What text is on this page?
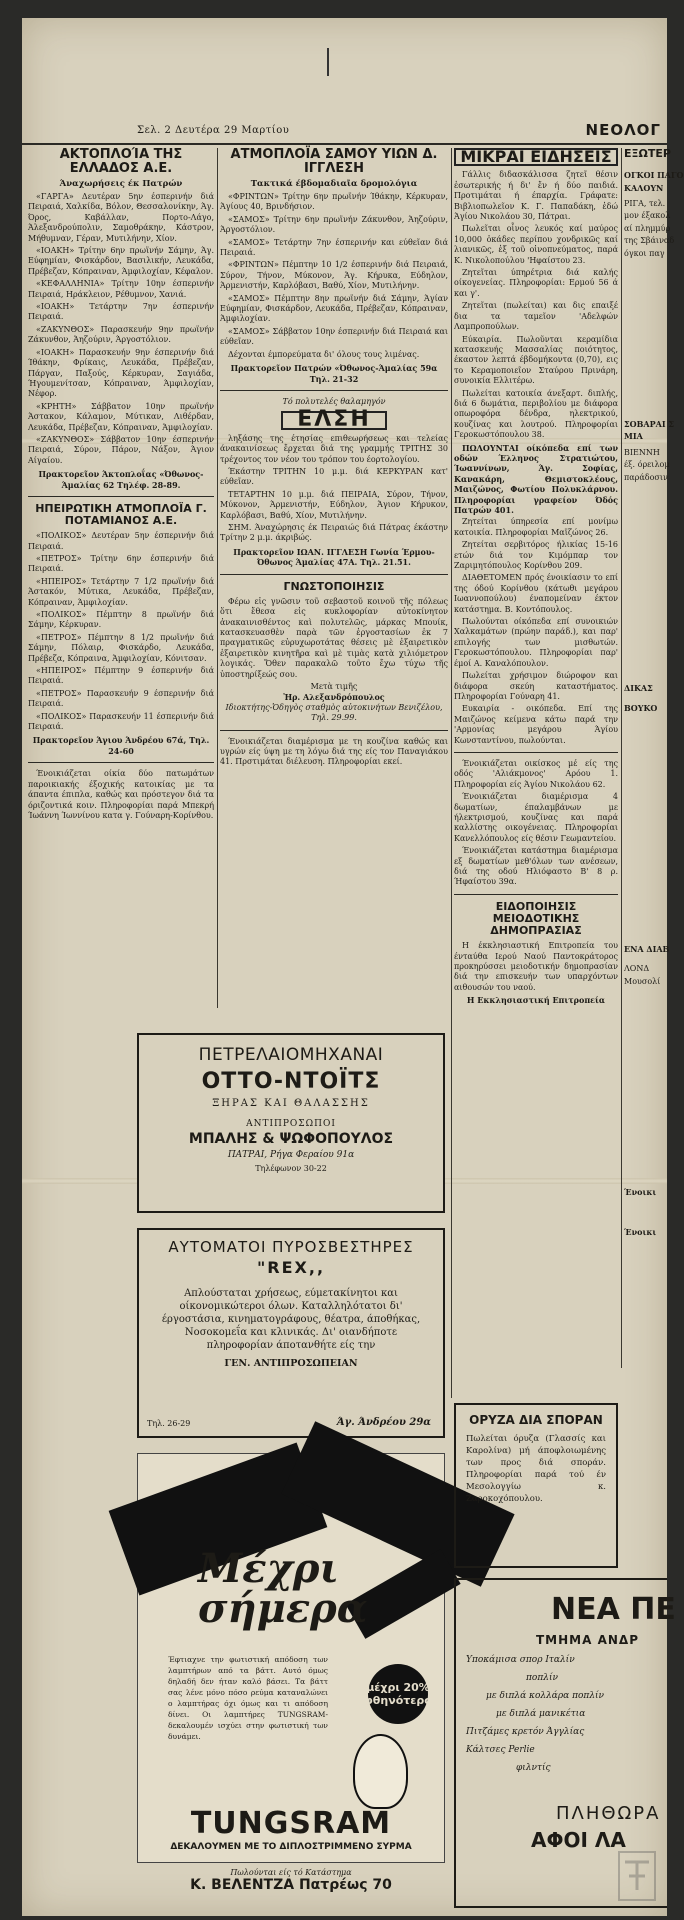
Σελ. 2 Δευτέρα 29 Μαρτίου	ΝΕΟΛΟΓ
ΑΚΤΟΠΛΟΊΑ ΤΗΣ ΕΛΛΑΔΟΣ Α.Ε.
Άναχωρήσεις έκ Πατρών
«ΓΑΡΓΑ» Δευτέραν 5ην έσπερινήν διά Πειραιά, Χαλκίδα, Βόλον, Θεσσαλονίκην, Άγ. Όρος, Καβάλλαν, Πορτο-Λάγο, Άλεξανδρούπολιν, Σαμοθράκην, Κάστρον, Μήθυμναν, Γέραν, Μυτιλήνην, Χίον.
«ΙΟΑΚΗ» Τρίτην 6ην πρωϊνήν Σάμην, Άγ. Εύφημίαν, Φισκάρδον, Βασιλικήν, Λευκάδα, Πρέβεζαν, Κόπραιναν, Άμφιλοχίαν, Κέφαλον.
«ΚΕΦΑΛΛΗΝΙΑ» Τρίτην 10ην έσπερινήν Πειραιά, Ηράκλειον, Ρέθυμνον, Χανιά.
«ΙΟΑΚΗ» Τετάρτην 7ην έσπερινήν Πειραιά.
«ΖΑΚΥΝΘΟΣ» Παρασκευήν 9ην πρωϊνήν Ζάκυνθον, Άηζούριν, Άργοστόλιον.
«ΙΟΑΚΗ» Παρασκευήν 9ην έσπερινήν διά Ίθάκην, Φρίκαις, Λευκάδα, Πρέβεζαν, Πάργαν, Παξούς, Κέρκυραν, Σαγιάδα, Ήγουμενίτσαν, Κόπραιναν, Άμφιλοχίαν, Νέφορ.
«ΚΡΗΤΗ» Σάββατον 10ην πρωϊνήν Άστακον, Κάλαμον, Μύτικαν, Λιθέρδαν, Λευκάδα, Πρέβεζαν, Κόπραιναν, Άμφιλοχίαν.
«ΖΑΚΥΝΘΟΣ» Σάββατον 10ην έσπερινήν Πειραιά, Σύρον, Πάρον, Νάξον, Άγιον Αίγαίου.
Πρακτορεῖον Άκτοπλοΐας «Όθωνος-Άμαλίας 62 Τηλέφ. 28-89.
ΗΠΕΙΡΩΤΙΚΗ ΑΤΜΟΠΛΟΪΑ Γ. ΠΟΤΑΜΙΑΝΟΣ Α.Ε.
«ΠΟΛΙΚΟΣ» Δευτέραν 5ην έσπερινήν διά Πειραιά.
«ΠΕΤΡΟΣ» Τρίτην 6ην έσπερινήν διά Πειραιά.
«ΗΠΕΙΡΟΣ» Τετάρτην 7 1/2 πρωϊνήν διά Άστακόν, Μύτικα, Λευκάδα, Πρέβεζαν, Κόπραιναν, Άμφιλοχίαν.
«ΠΟΛΙΚΟΣ» Πέμπτην 8 πρωϊνήν διά Σάμην, Κέρκυραν.
«ΠΕΤΡΟΣ» Πέμπτην 8 1/2 πρωϊνήν διά Σάμην, Πόλαιρ, Φισκάρδο, Λευκάδα, Πρέβεζα, Κόπραινα, Άμφιλοχίαν, Κόνιτσαν.
«ΗΠΕΙΡΟΣ» Πέμπτην 9 έσπερινήν διά Πειραιά.
«ΠΕΤΡΟΣ» Παρασκευήν 9 έσπερινήν διά Πειραιά.
«ΠΟΛΙΚΟΣ» Παρασκευήν 11 έσπερινήν διά Πειραιά.
Πρακτορεῖον Άγιου Άνδρέου 67ά, Τηλ. 24-60
Ένοικιάζεται οίκία δύο πατωμάτων παροικιακής έξοχικής κατοικίας με τα άπαντα έπιπλα, καθώς και πρόστεγον διά τα όριζοντικά κοιν. Πληροφορίαι παρά Μπεκρή Ίωάννη Ίωννίνου κατα γ. Γούναρη-Κορίνθου.
ΑΤΜΟΠΛΟΪΑ ΣΑΜΟΥ ΥΙΩΝ Δ. ΙΓΓΛΕΣΗ
Τακτικά έβδομαδιαῖα δρομολόγια
«ΦΡΙΝΤΩΝ» Τρίτην 6ην πρωϊνήν Ίθάκην, Κέρκυραν, Άγίους 40, Βρινδήσιον.
«ΣΑΜΟΣ» Τρίτην 6ην πρωϊνήν Ζάκυνθον, Άηζούριν, Άργοστόλιον.
«ΣΑΜΟΣ» Τετάρτην 7ην έσπερινήν και εύθεῖαν διά Πειραιά.
«ΦΡΙΝΤΩΝ» Πέμπτην 10 1/2 έσπερινήν διά Πειραιά, Σύρον, Τήνον, Μύκονον, Άγ. Κήρυκα, Εύδηλον, Άρμενιστήν, Καρλόβασι, Βαθύ, Χίον, Μυτιλήνην.
«ΣΑΜΟΣ» Πέμπτην 8ην πρωϊνήν διά Σάμην, Άγίαν Εύφημίαν, Φισκάρδον, Λευκάδα, Πρέβεζαν, Κόπραιναν, Άμφιλοχίαν.
«ΣΑΜΟΣ» Σάββατον 10ην έσπερινήν διά Πειραιά και εύθεῖαν.
Δέχονται έμπορεύματα δι' όλους τους λιμένας.
Πρακτορεῖον Πατρών «Όθωνος-Άμαλίας 59α Τηλ. 21-32
Τό πολυτελές θαλαμηγόν
ΕΛΣΗ
ληξάσης της έτησίας επιθεωρήσεως και τελείας άνακαινίσεως ἔρχεται διά της γραμμής ΤΡΙΤΗΣ 30 τρέχοντος τον νέον του τρόπον του έορτολογίου.
Έκάστην ΤΡΙΤΗΝ 10 μ.μ. διά ΚΕΡΚΥΡΑΝ κατ' εύθεῖαν.
ΤΕΤΑΡΤΗΝ 10 μ.μ. διά ΠΕΙΡΑΙΑ, Σύρον, Τήνον, Μύκονον, Άρμενιστήν, Εύδηλον, Άγιον Κήρυκον, Καρλόβασι, Βαθύ, Χίον, Μυτιλήνην.
ΣΗΜ. Άναχώρησις έκ Πειραιώς διά Πάτρας έκάστην Τρίτην 2 μ.μ. άκριβώς.
Πρακτορεῖον ΙΩΑΝ. ΙΓΓΛΕΣΗ Γωνία Έρμου-Όθωνος Άμαλίας 47Α. Τηλ. 21.51.
ΓΝΩΣΤΟΠΟΙΗΣΙΣ
Φέρω εἰς γνῶσιν τοῦ σεβαστοῦ κοινοῦ τῆς πόλεως ὅτι ἔθεσα εἰς κυκλοφορίαν αὐτοκίνητον ἀνακαινισθέντος καὶ πολυτελῶς, μάρκας Μπουίκ, κατασκευασθὲν παρὰ τῶν ἐργοστασίων ἐκ 7 πραγματικῶς εὐρυχωροτάτας θέσεις μὲ ἐξαιρετικὸν ἐξαιρετικὸν κινητῆρα καὶ μὲ τιμὰς κατὰ χιλιόμετρον λογικάς. Ὅθεν παρακαλῶ τοῦτο ἔχω τύχω τῆς ὑποστηρίξεώς σου.
Μετὰ τιμῆς
Ἠρ. Αλεξανδρόπουλος
Ιδιοκτήτης-Ὁδηγὸς σταθμὸς αὐτοκινήτων Βενιζέλου, Τηλ. 29.99.
Ένοικιάζεται διαμέρισμα με τη κουζίνα καθώς και υγρών είς ύψη με τη λόγω διά της είς τον Παναγιάκου 41. Πρστιμάται διέλευση. Πληροφορίαι εκεί.
ΜΙΚΡΑΙ ΕΙΔΗΣΕΙΣ
Γάλλις διδασκάλισσα ζητεῖ θέσιν ἐσωτερικής ή δι' ἔν ή δύο παιδιά. Προτιμάται ή έπαρχία. Γράφατε: Βιβλιοπωλεῖον Κ. Γ. Παπαδάκη, ἐδώ Άγίου Νικολάου 30, Πάτραι.
Πωλεῖται οἶνος λευκός καί μαύρος 10,000 ὀκάδες περίπου χονδρικῶς καί λιανικῶς, ἐξ τοῦ οἰνοπνεύματος, παρά Κ. Νικολοπούλου 'Ηφαίστου 23.
Ζητεῖται ύπηρέτρια διά καλής οίκογενείας. Πληροφορίαι: Ερμού 56 ά και γ'.
Ζητεῖται (πωλείται) και δις επαιξέ δια τα ταμεῖον 'Αδελφών Λαμπροπούλων.
Εύκαιρία. Πωλοῦνται κεραμίδια κατασκευής Μασσαλίας ποιότητος, έκαστον λεπτά έβδομήκοντα (0,70), εις το Κεραμοποιεῖον Σταύρου Πρινάρη, συνοικία Ελλιτέρω.
Πωλείται κατοικία άνεξαρτ. διπλής, διά 6 δωμάτια, περιβολίου με διάφορα οπωροφόρα δένδρα, ηλεκτρικού, κουζίνας και λουτρού. Πληροφορίαι Γεροκωστόπουλου 38.
ΠΩΛΟΥΝΤΑΙ οίκόπεδα επί των οδών Έλληνος Στρατιώτου, Ίωαννίνων, Άγ. Σοφίας, Κανακάρη, Θεμιστοκλέους, Μαιζώνος, Φωτίου Πολυκλάρνου. Πληροφορίαι γραφείον Όδός Πατρών 401.
Ζητείται ύπηρεσία επί μονίμω κατοικία. Πληροφορίαι Μαϊζώνος 26.
Ζητείται σερβιτόρος ήλικίας 15-16 ετών διά τον Κιμόμπαρ τον Ζαριμητόπουλος Κορίνθου 209.
ΔΙΑΘΕΤΟΜΕΝ πρός ένοικίασιν το επί της όδού Κορίνθου (κάτωθι μεγάρου Ιωαννοπούλου) έναπομείναν έκτον κατάστημα. Β. Κοντόπουλος.
Πωλούνται οίκόπεδα επί συνοικιών Χαλκαμάτων (πρώην παράδ.), και παρ' επιλογής των μισθωτών. Γεροκωστόπουλου. Πληροφορίαι παρ' έμοί Α. Καναλόπουλον.
Πωλείται χρήσιμον διώροφον και διάφορα σκεύη καταστήματος. Πληροφορίαι Γούναρη 41.
Ευκαιρία - οικόπεδα. Επί της Μαιζώνος κείμενα κάτω παρά την 'Αρμονίας μεγάρου Άγίου Κωνσταντίνου, πωλούνται.
Ένοικιάζεται οικίσκος μέ είς της οδός 'Αλιάκμονος' Αρόου 1. Πληροφορίαι είς Άγίου Νικολάου 62.
Ένοικιάζεται διαμέρισμα 4 δωματίων, έπαλαμβάνων με ήλεκτρισμού, κουζίνας και παρά καλλίστης οικογένειας. Πληροφορίαι Κανελλόπουλος είς θέσιν Γεωμαντείου.
Ένοικιάζεται κατάστημα διαμέρισμα εξ δωματίων μεθ'όλων των ανέσεων, διά της οδού Ηλιόφαστο Β' 8 ρ. Ήφαίστου 39α.
ΕΙΔΟΠΟΙΗΣΙΣ ΜΕΙΟΔΟΤΙΚΗΣ ΔΗΜΟΠΡΑΣΙΑΣ
Η έκκλησιαστική Επιτροπεία του ένταύθα Ιερού Ναού Παντοκράτορος προκηρύσσει μειοδοτικήν δημοπρασίαν διά την επισκευήν των υπαρχόντων αιθουσών του ναού.
Η Εκκλησιαστική Επιτροπεία
ΕΞΩΤΕΡ
ΟΓΚΟΙ ΠΑΓΟ
ΚΑΛΟΥΝ
ΡΙΓΑ, τελ.
μον έξακολ
αί πλημμύρ
της Σβάιναδ
όγκοι παγ
ΣΟΒΑΡΑΙ Σ
ΜΙΑ
BIENNH
έξ. όρειλομ
παράδοσιν
ΔΙΚΑΣ
ΒΟΥΚΟ
ΕΝΑ ΔΙΑΒ
ΛΟΝΔ
Μουσολί
Ένοικι
Ένοικι
ΠΕΤΡΕΛΑΙΟΜΗΧΑΝΑΙ
OTTO-ΝΤΟΪΤΣ
ΞΗΡΑΣ ΚΑΙ ΘΑΛΑΣΣΗΣ
ΑΝΤΙΠΡΟΣΩΠΟΙ
ΜΠΑΛΗΣ & ΨΩΦΟΠΟΥΛΟΣ
ΠΑΤΡΑΙ, Ρήγα Φεραίου 91α
Τηλέφωνον 30-22
ΑΥΤΟΜΑΤΟΙ ΠΥΡΟΣΒΕΣΤΗΡΕΣ
"REX,,
Απλούσταται χρήσεως, εύμετακίνητοι και οίκονομικώτεροι όλων. Καταλληλότατοι δι' έργοστάσια, κινηματογράφους, θέατρα, άποθήκας, Νοσοκομεΐα και κλινικάς. Δι' οιανδήποτε πληροφορίαν άποτανθήτε είς την
ΓΕΝ. ΑΝΤΙΠΡΟΣΩΠΕΙΑΝ
Τηλ. 26-29	Άγ. Άνδρέου 29α
Μέχρι σήμερα
Έφτιαχνε την φωτιστική απόδοση των λαμπτήρων από τα βάττ. Αυτό όμως δηλαδή δεν ήταν καλό βάσει. Τα βάττ σας λένε μόνο πόσο ρεύμα καταναλώνει ο λαμπτήρας όχι όμως και τι απόδοση δίνει. Οι λαμπτήρες TUNGSRAM-δεκαλουμέν ισχύει στην φωτιστική των δυνάμει.
μέχρι 20% φθηνότερο
TUNGSRAM
ΔΕΚΑΛΟΥΜΕΝ ΜΕ ΤΟ ΔΙΠΛΟΣΤΡΙΜΜΕΝΟ ΣΥΡΜΑ
Πωλούνται είς τό Κατάστημα
Κ. ΒΕΛΕΝΤΖΑ Πατρέως 70
ΟΡΥΖΑ ΔΙΑ ΣΠΟΡΑΝ
Πωλείται όρυζα (Γλασσίς και Καρολίνα) μή άποφλοιωμένης των προς διά σποράν. Πληροφορίαι παρά τού έν Μεσολογγίω κ. Ζαροκοχόπουλου.
ΝΕΑ ΠΕ
ΤΜΗΜΑ ΑΝΔΡ
Υποκάμισα σπορ Ιταλίν
ποπλίν
με διπλά κολλάρα ποπλίν
με διπλά μανικέτια
Πιτζάμες κρετόν Άγγλίας
Κάλτσες Perlie
φιλντίς
ΠΛΗΘΩΡΑ
ΑΦΟΙ ΛΑ
